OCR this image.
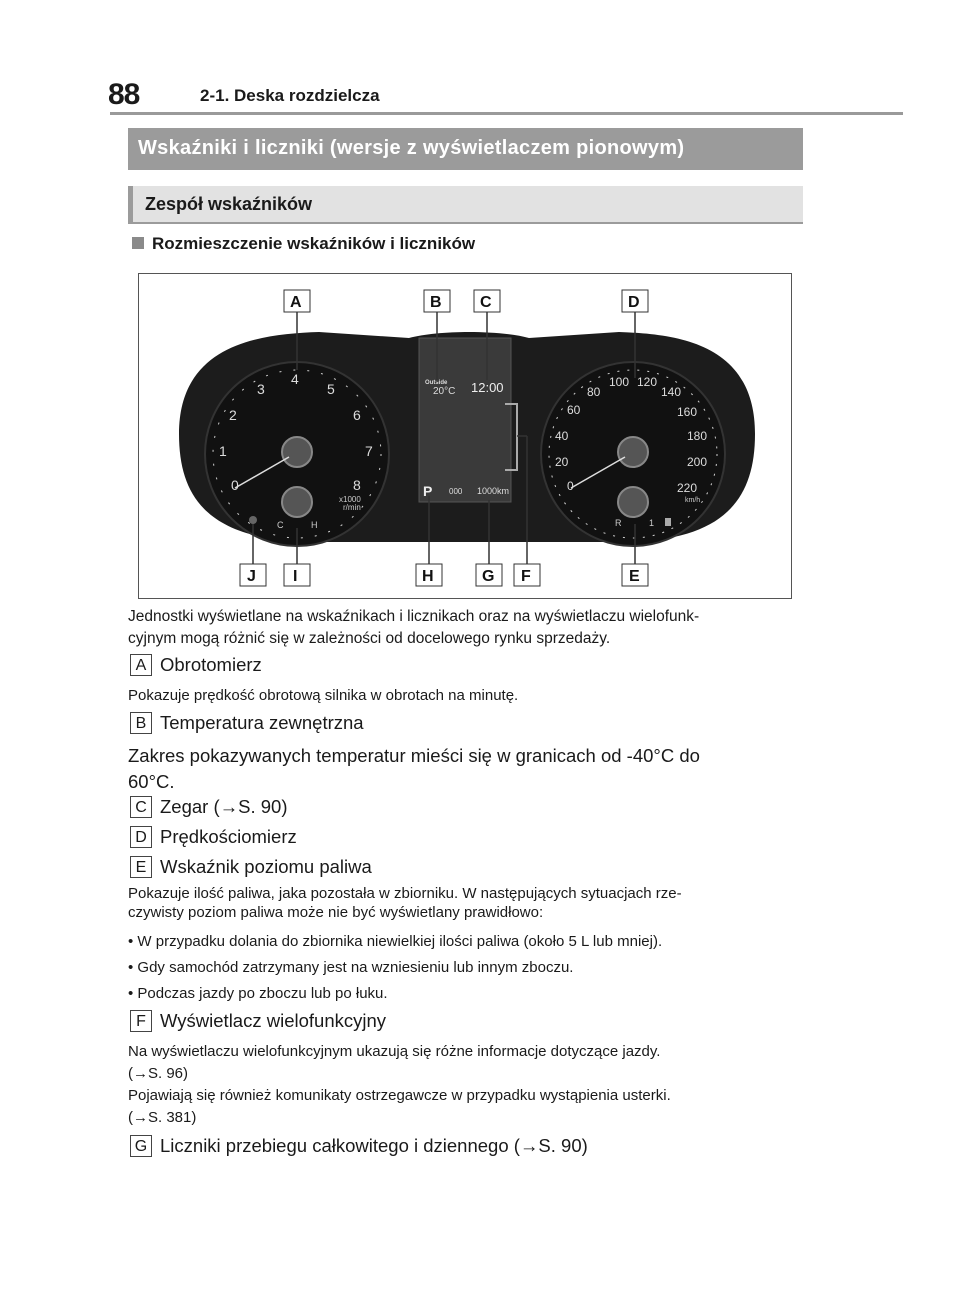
88	2-1. Deska rozdzielcza
Wskaźniki i liczniki (wersje z wyświetlaczem pionowym)
Zespół wskaźników
Rozmieszczenie wskaźników i liczników
0
1
2
3
4
5
6
7
8
x1000
r/min
C	H
0
20
40
60
80
100 120
140
160
180
200
220
km/h
R	1
Outside
20°C 12:00
P 000 1000km
A	B C	D
J I	H	G F	E
Jednostki wyświetlane na wskaźnikach i licznikach oraz na wyświetlaczu wielofunk-
cyjnym mogą różnić się w zależności od docelowego rynku sprzedaży.
A Obrotomierz
Pokazuje prędkość obrotową silnika w obrotach na minutę.
B Temperatura zewnętrzna
Zakres pokazywanych temperatur mieści się w granicach od -40°C do
60°C.
C Zegar (→S. 90)
D Prędkościomierz
E Wskaźnik poziomu paliwa
Pokazuje ilość paliwa, jaka pozostała w zbiorniku. W następujących sytuacjach rze-
czywisty poziom paliwa może nie być wyświetlany prawidłowo:
• W przypadku dolania do zbiornika niewielkiej ilości paliwa (około 5 L lub mniej).
• Gdy samochód zatrzymany jest na wzniesieniu lub innym zboczu.
• Podczas jazdy po zboczu lub po łuku.
F Wyświetlacz wielofunkcyjny
Na wyświetlaczu wielofunkcyjnym ukazują się różne informacje dotyczące jazdy.
(→S. 96)
Pojawiają się również komunikaty ostrzegawcze w przypadku wystąpienia usterki.
(→S. 381)
G Liczniki przebiegu całkowitego i dziennego (→S. 90)
